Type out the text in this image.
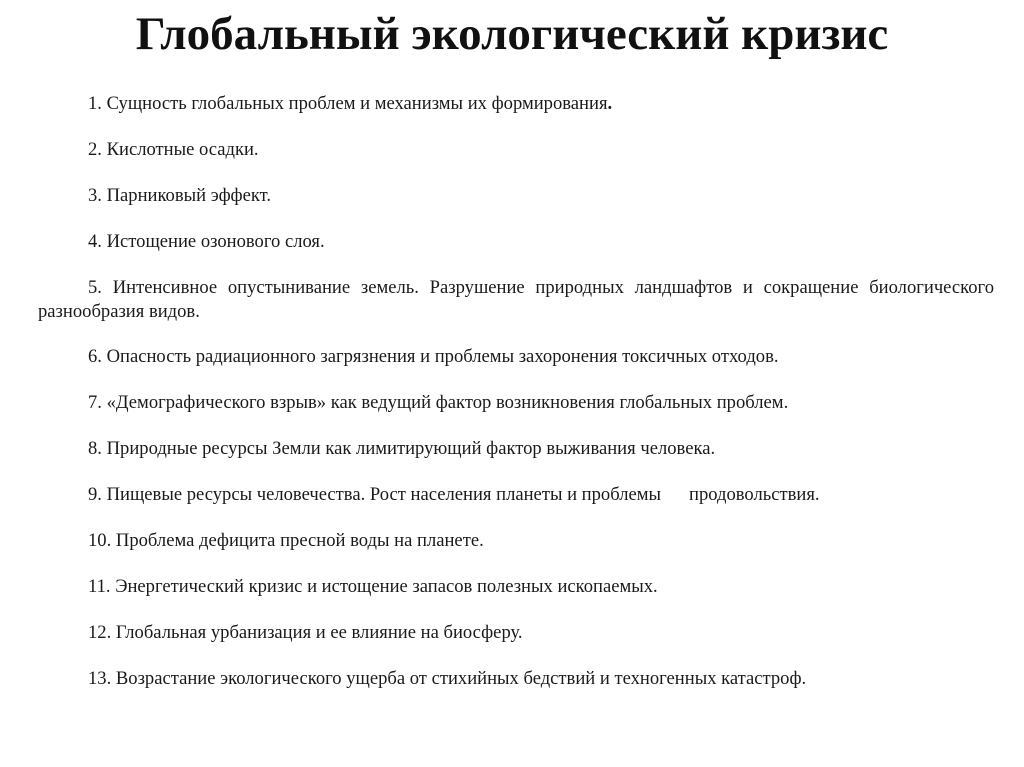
Глобальный экологический кризис
1. Сущность глобальных проблем и механизмы их формирования.
2. Кислотные осадки.
3. Парниковый эффект.
4. Истощение озонового слоя.
5. Интенсивное опустынивание земель. Разрушение природных ландшафтов и сокращение биологического разнообразия видов.
6. Опасность радиационного загрязнения и проблемы захоронения токсичных отходов.
7. «Демографического взрыв» как ведущий фактор возникновения глобальных проблем.
8. Природные ресурсы Земли как лимитирующий фактор выживания человека.
9. Пищевые ресурсы человечества. Рост населения планеты и проблемы продовольствия.
10. Проблема дефицита пресной воды на планете.
11. Энергетический кризис и истощение запасов полезных ископаемых.
12. Глобальная урбанизация и ее влияние на биосферу.
13. Возрастание экологического ущерба от стихийных бедствий и техногенных катастроф.
